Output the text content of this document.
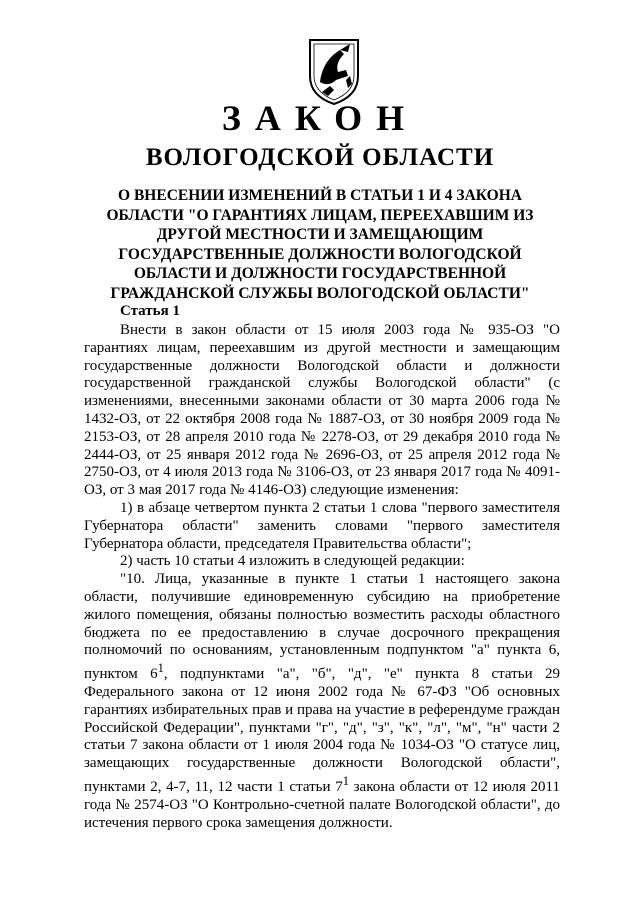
ЗАКОН
ВОЛОГОДСКОЙ ОБЛАСТИ

О ВНЕСЕНИИ ИЗМЕНЕНИЙ В СТАТЬИ 1 И 4 ЗАКОНА ОБЛАСТИ "О ГАРАНТИЯХ ЛИЦАМ, ПЕРЕЕХАВШИМ ИЗ ДРУГОЙ МЕСТНОСТИ И ЗАМЕЩАЮЩИМ ГОСУДАРСТВЕННЫЕ ДОЛЖНОСТИ ВОЛОГОДСКОЙ ОБЛАСТИ И ДОЛЖНОСТИ ГОСУДАРСТВЕННОЙ ГРАЖДАНСКОЙ СЛУЖБЫ ВОЛОГОДСКОЙ ОБЛАСТИ"

Статья 1

Внести в закон области от 15 июля 2003 года № 935-ОЗ "О гарантиях лицам, переехавшим из другой местности и замещающим государственные должности Вологодской области и должности государственной гражданской службы Вологодской области" (с изменениями, внесенными законами области от 30 марта 2006 года № 1432-ОЗ, от 22 октября 2008 года № 1887-ОЗ, от 30 ноября 2009 года № 2153-ОЗ, от 28 апреля 2010 года № 2278-ОЗ, от 29 декабря 2010 года № 2444-ОЗ, от 25 января 2012 года № 2696-ОЗ, от 25 апреля 2012 года № 2750-ОЗ, от 4 июля 2013 года № 3106-ОЗ, от 23 января 2017 года № 4091-ОЗ, от 3 мая 2017 года № 4146-ОЗ) следующие изменения:

1) в абзаце четвертом пункта 2 статьи 1 слова "первого заместителя Губернатора области" заменить словами "первого заместителя Губернатора области, председателя Правительства области";

2) часть 10 статьи 4 изложить в следующей редакции:

"10. Лица, указанные в пункте 1 статьи 1 настоящего закона области, получившие единовременную субсидию на приобретение жилого помещения, обязаны полностью возместить расходы областного бюджета по ее предоставлению в случае досрочного прекращения полномочий по основаниям, установленным подпунктом "а" пункта 6, пунктом $6^1$, подпунктами "а", "б", "д", "е" пункта 8 статьи 29 Федерального закона от 12 июня 2002 года № 67-ФЗ "Об основных гарантиях избирательных прав и права на участие в референдуме граждан Российской Федерации", пунктами "г", "д", "з", "к", "л", "м", "н" части 2 статьи 7 закона области от 1 июля 2004 года № 1034-ОЗ "О статусе лиц, замещающих государственные должности Вологодской области", пунктами 2, 4-7, 11, 12 части 1 статьи $7^1$ закона области от 12 июля 2011 года № 2574-ОЗ "О Контрольно-счетной палате Вологодской области", до истечения первого срока замещения должности.
